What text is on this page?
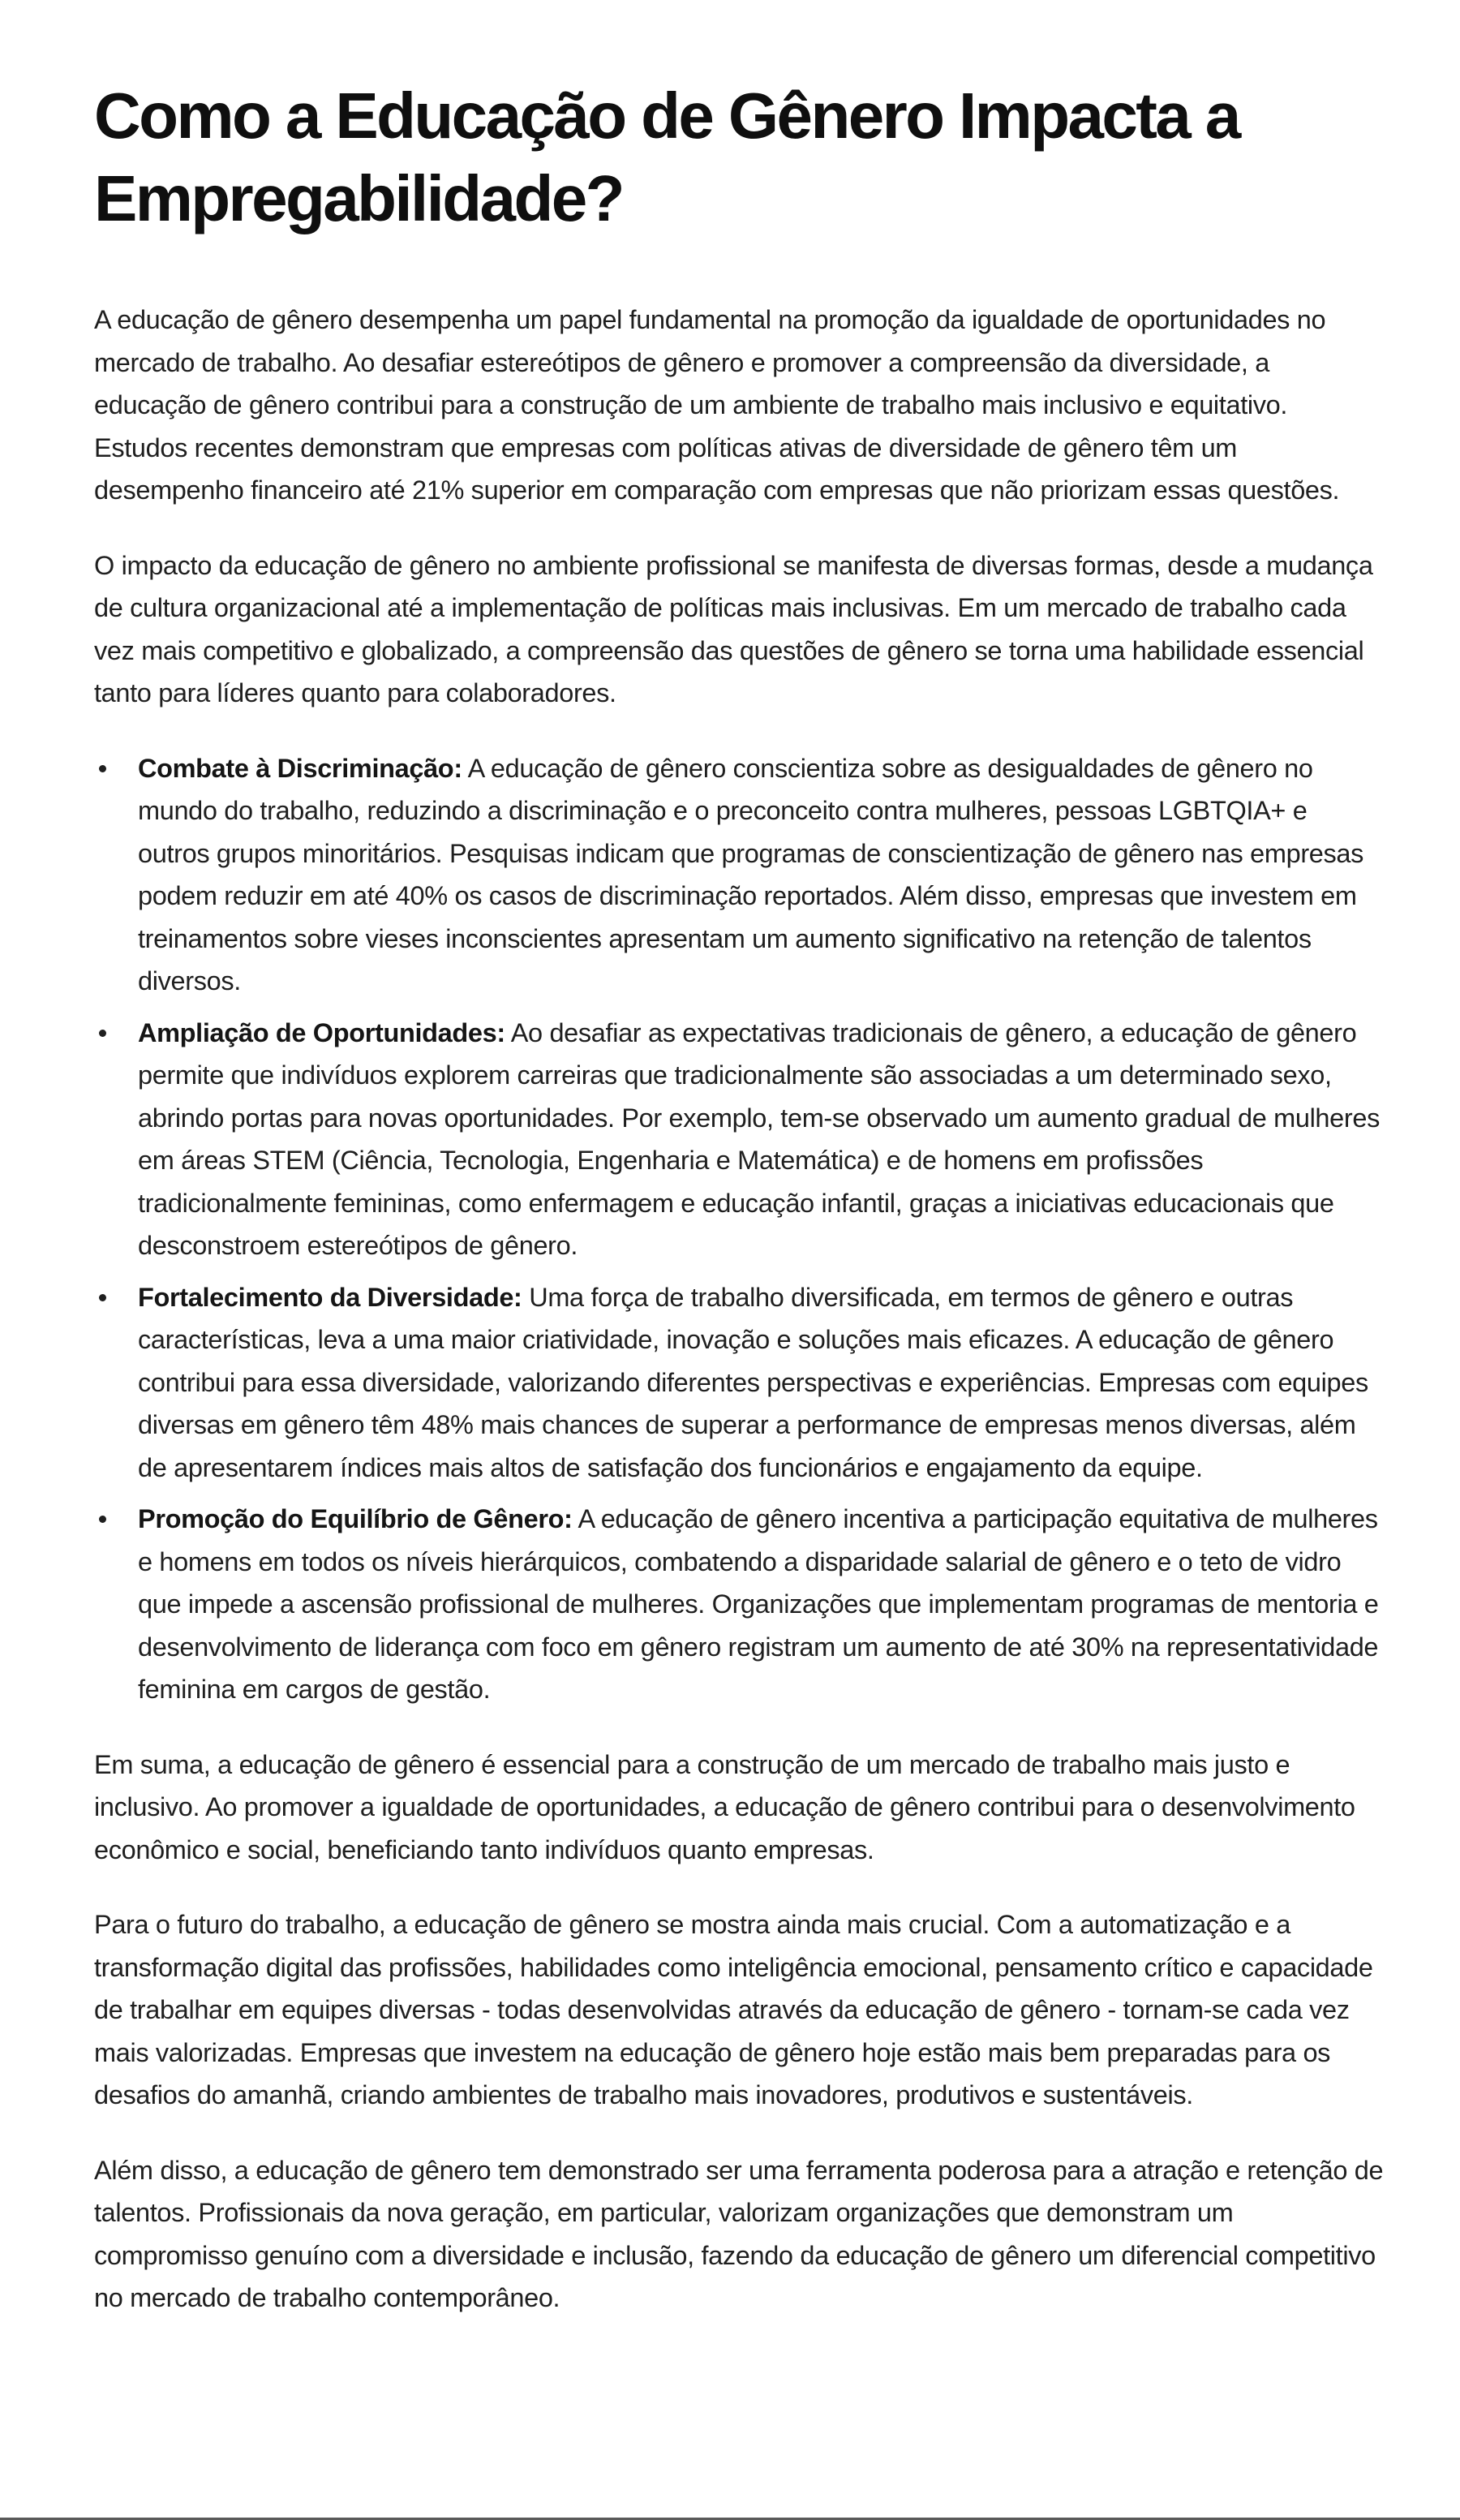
Como a Educação de Gênero Impacta a Empregabilidade?

A educação de gênero desempenha um papel fundamental na promoção da igualdade de oportunidades no mercado de trabalho. Ao desafiar estereótipos de gênero e promover a compreensão da diversidade, a educação de gênero contribui para a construção de um ambiente de trabalho mais inclusivo e equitativo. Estudos recentes demonstram que empresas com políticas ativas de diversidade de gênero têm um desempenho financeiro até 21% superior em comparação com empresas que não priorizam essas questões.

O impacto da educação de gênero no ambiente profissional se manifesta de diversas formas, desde a mudança de cultura organizacional até a implementação de políticas mais inclusivas. Em um mercado de trabalho cada vez mais competitivo e globalizado, a compreensão das questões de gênero se torna uma habilidade essencial tanto para líderes quanto para colaboradores.

Combate à Discriminação: A educação de gênero conscientiza sobre as desigualdades de gênero no mundo do trabalho, reduzindo a discriminação e o preconceito contra mulheres, pessoas LGBTQIA+ e outros grupos minoritários. Pesquisas indicam que programas de conscientização de gênero nas empresas podem reduzir em até 40% os casos de discriminação reportados. Além disso, empresas que investem em treinamentos sobre vieses inconscientes apresentam um aumento significativo na retenção de talentos diversos.
Ampliação de Oportunidades: Ao desafiar as expectativas tradicionais de gênero, a educação de gênero permite que indivíduos explorem carreiras que tradicionalmente são associadas a um determinado sexo, abrindo portas para novas oportunidades. Por exemplo, tem-se observado um aumento gradual de mulheres em áreas STEM (Ciência, Tecnologia, Engenharia e Matemática) e de homens em profissões tradicionalmente femininas, como enfermagem e educação infantil, graças a iniciativas educacionais que desconstroem estereótipos de gênero.
Fortalecimento da Diversidade: Uma força de trabalho diversificada, em termos de gênero e outras características, leva a uma maior criatividade, inovação e soluções mais eficazes. A educação de gênero contribui para essa diversidade, valorizando diferentes perspectivas e experiências. Empresas com equipes diversas em gênero têm 48% mais chances de superar a performance de empresas menos diversas, além de apresentarem índices mais altos de satisfação dos funcionários e engajamento da equipe.
Promoção do Equilíbrio de Gênero: A educação de gênero incentiva a participação equitativa de mulheres e homens em todos os níveis hierárquicos, combatendo a disparidade salarial de gênero e o teto de vidro que impede a ascensão profissional de mulheres. Organizações que implementam programas de mentoria e desenvolvimento de liderança com foco em gênero registram um aumento de até 30% na representatividade feminina em cargos de gestão.

Em suma, a educação de gênero é essencial para a construção de um mercado de trabalho mais justo e inclusivo. Ao promover a igualdade de oportunidades, a educação de gênero contribui para o desenvolvimento econômico e social, beneficiando tanto indivíduos quanto empresas.

Para o futuro do trabalho, a educação de gênero se mostra ainda mais crucial. Com a automatização e a transformação digital das profissões, habilidades como inteligência emocional, pensamento crítico e capacidade de trabalhar em equipes diversas - todas desenvolvidas através da educação de gênero - tornam-se cada vez mais valorizadas. Empresas que investem na educação de gênero hoje estão mais bem preparadas para os desafios do amanhã, criando ambientes de trabalho mais inovadores, produtivos e sustentáveis.

Além disso, a educação de gênero tem demonstrado ser uma ferramenta poderosa para a atração e retenção de talentos. Profissionais da nova geração, em particular, valorizam organizações que demonstram um compromisso genuíno com a diversidade e inclusão, fazendo da educação de gênero um diferencial competitivo no mercado de trabalho contemporâneo.
